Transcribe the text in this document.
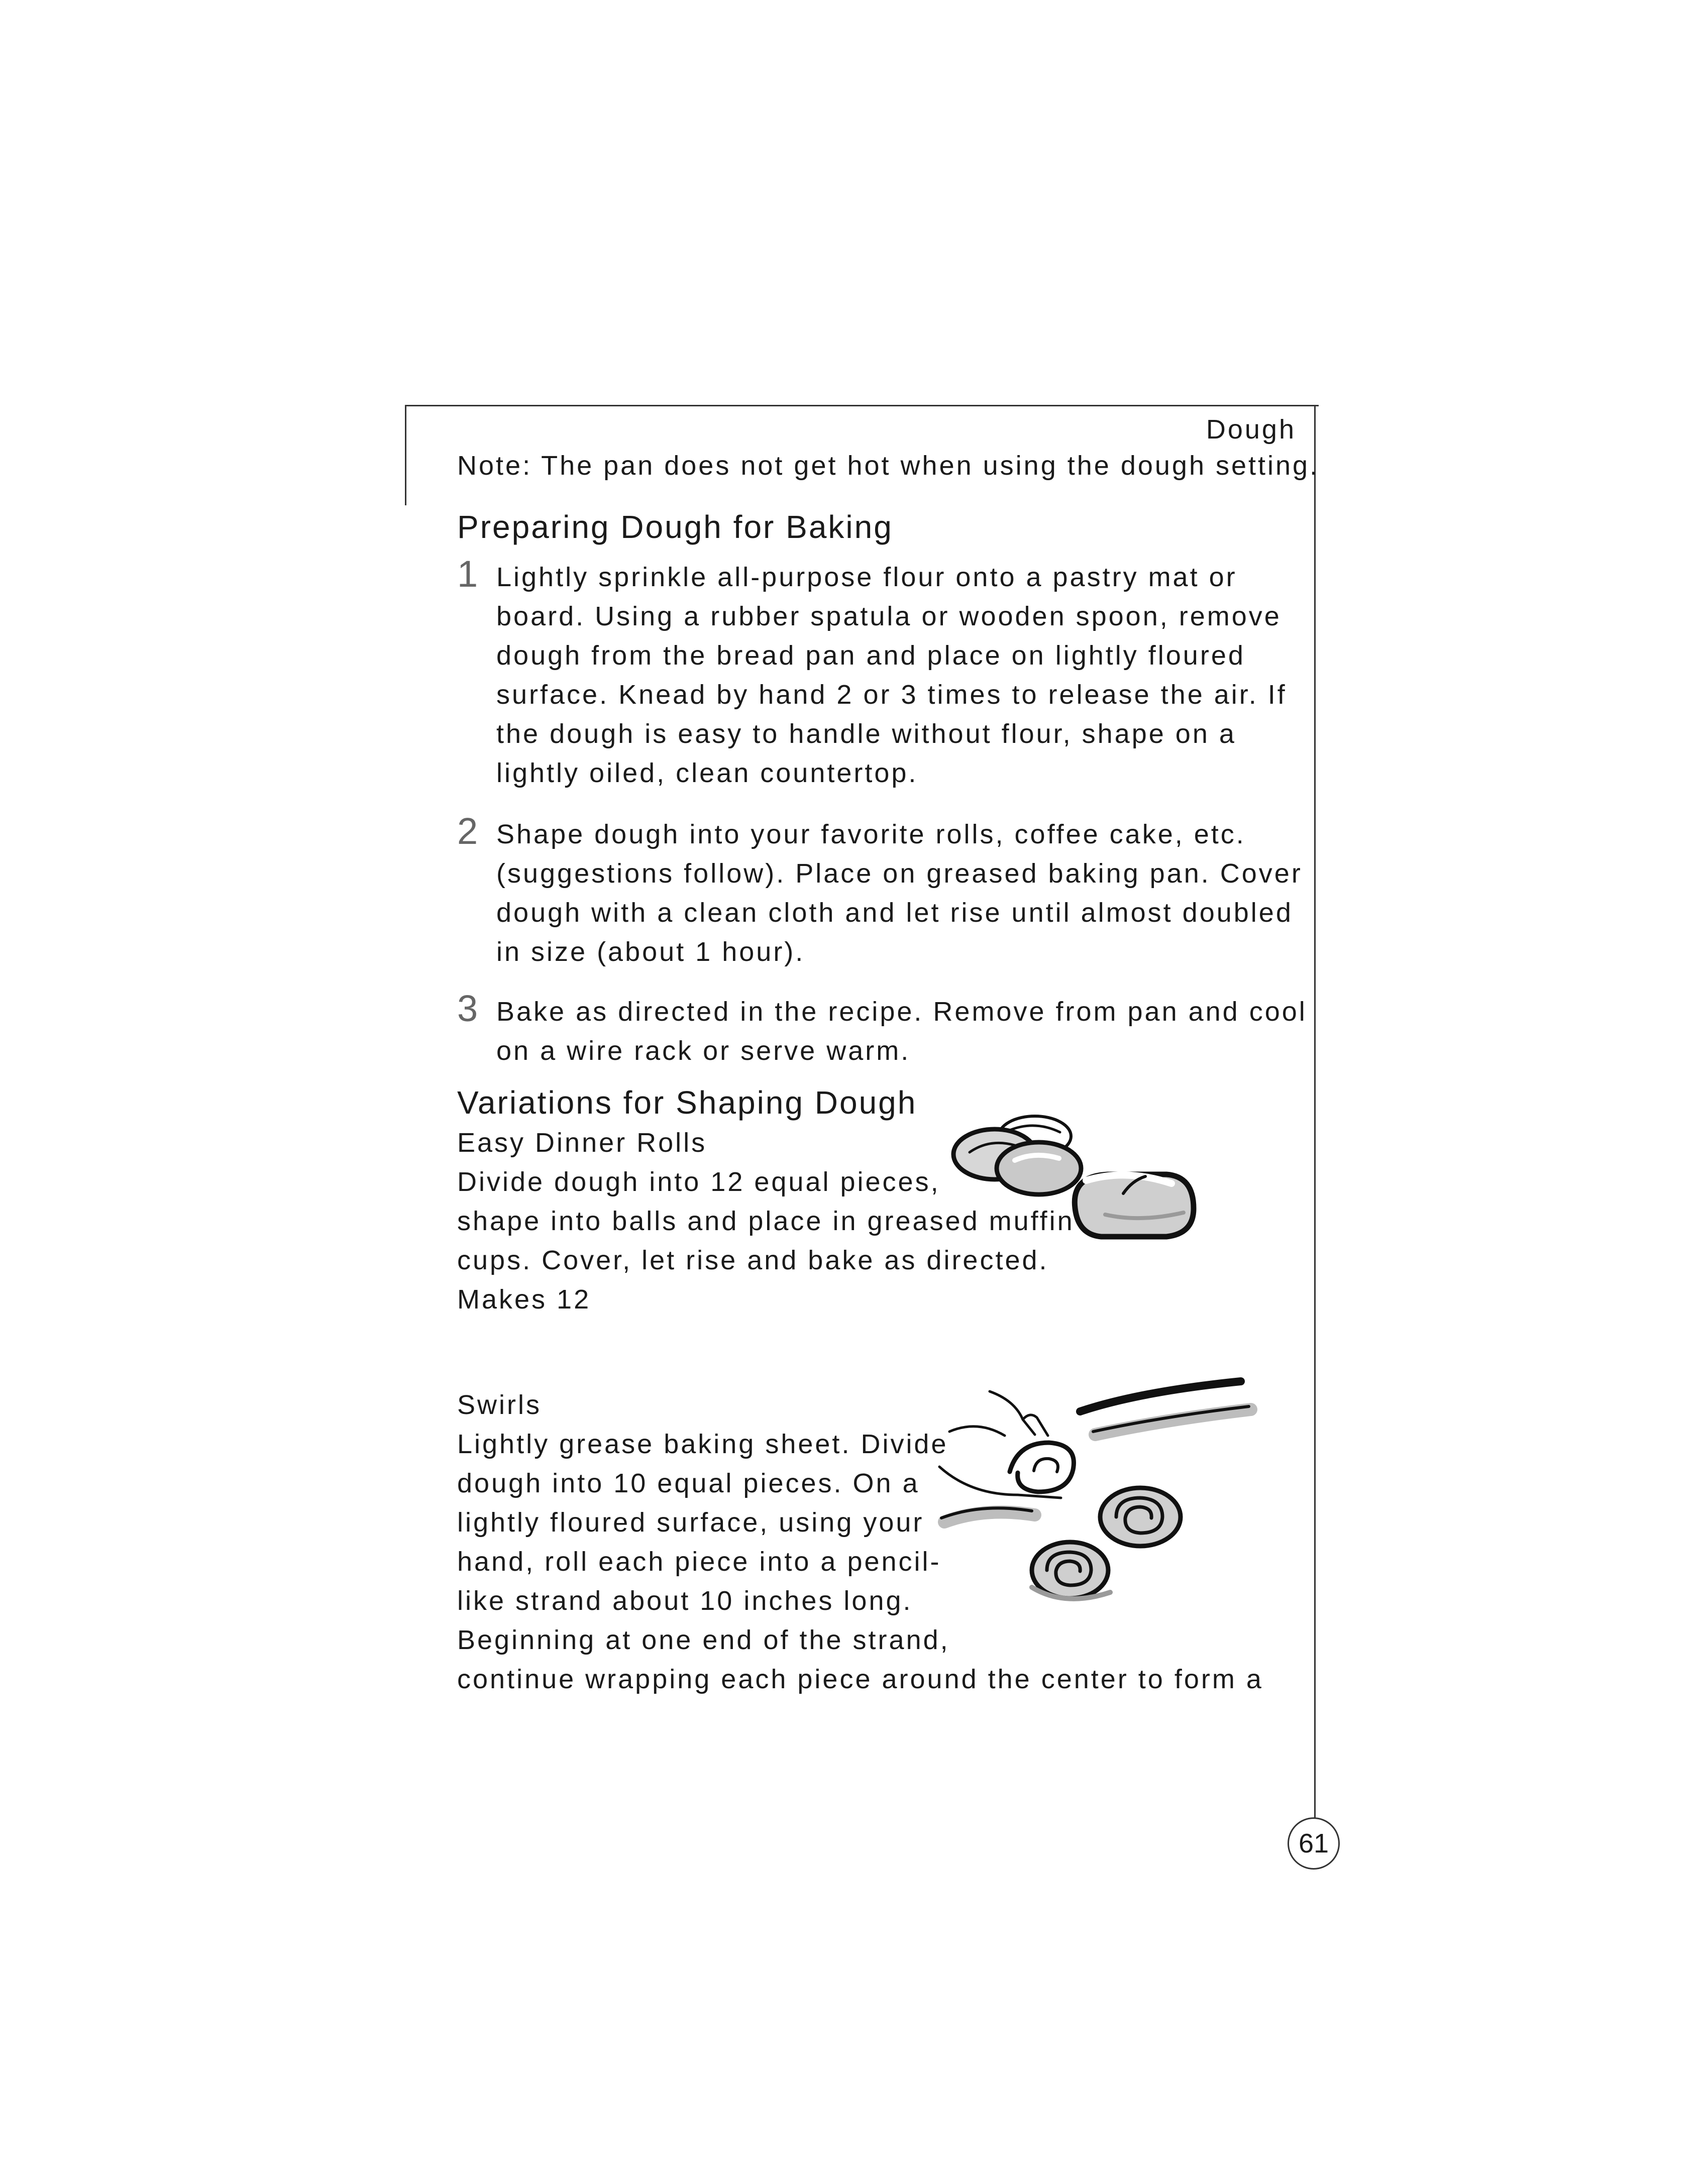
Dough
Note: The pan does not get hot when using the dough setting.
Preparing Dough for Baking
1 Lightly sprinkle all-purpose flour onto a pastry mat or
board. Using a rubber spatula or wooden spoon, remove
dough from the bread pan and place on lightly floured
surface. Knead by hand 2 or 3 times to release the air. If
the dough is easy to handle without flour, shape on a
lightly oiled, clean countertop.
2 Shape dough into your favorite rolls, coffee cake, etc.
(suggestions follow). Place on greased baking pan. Cover
dough with a clean cloth and let rise until almost doubled
in size (about 1 hour).
3 Bake as directed in the recipe. Remove from pan and cool
on a wire rack or serve warm.
Variations for Shaping Dough
Easy Dinner Rolls
Divide dough into 12 equal pieces,
shape into balls and place in greased muffin
cups. Cover, let rise and bake as directed.
Makes 12
Swirls
Lightly grease baking sheet. Divide
dough into 10 equal pieces. On a
lightly floured surface, using your
hand, roll each piece into a pencil-
like strand about 10 inches long.
Beginning at one end of the strand,
continue wrapping each piece around the center to form a
61
